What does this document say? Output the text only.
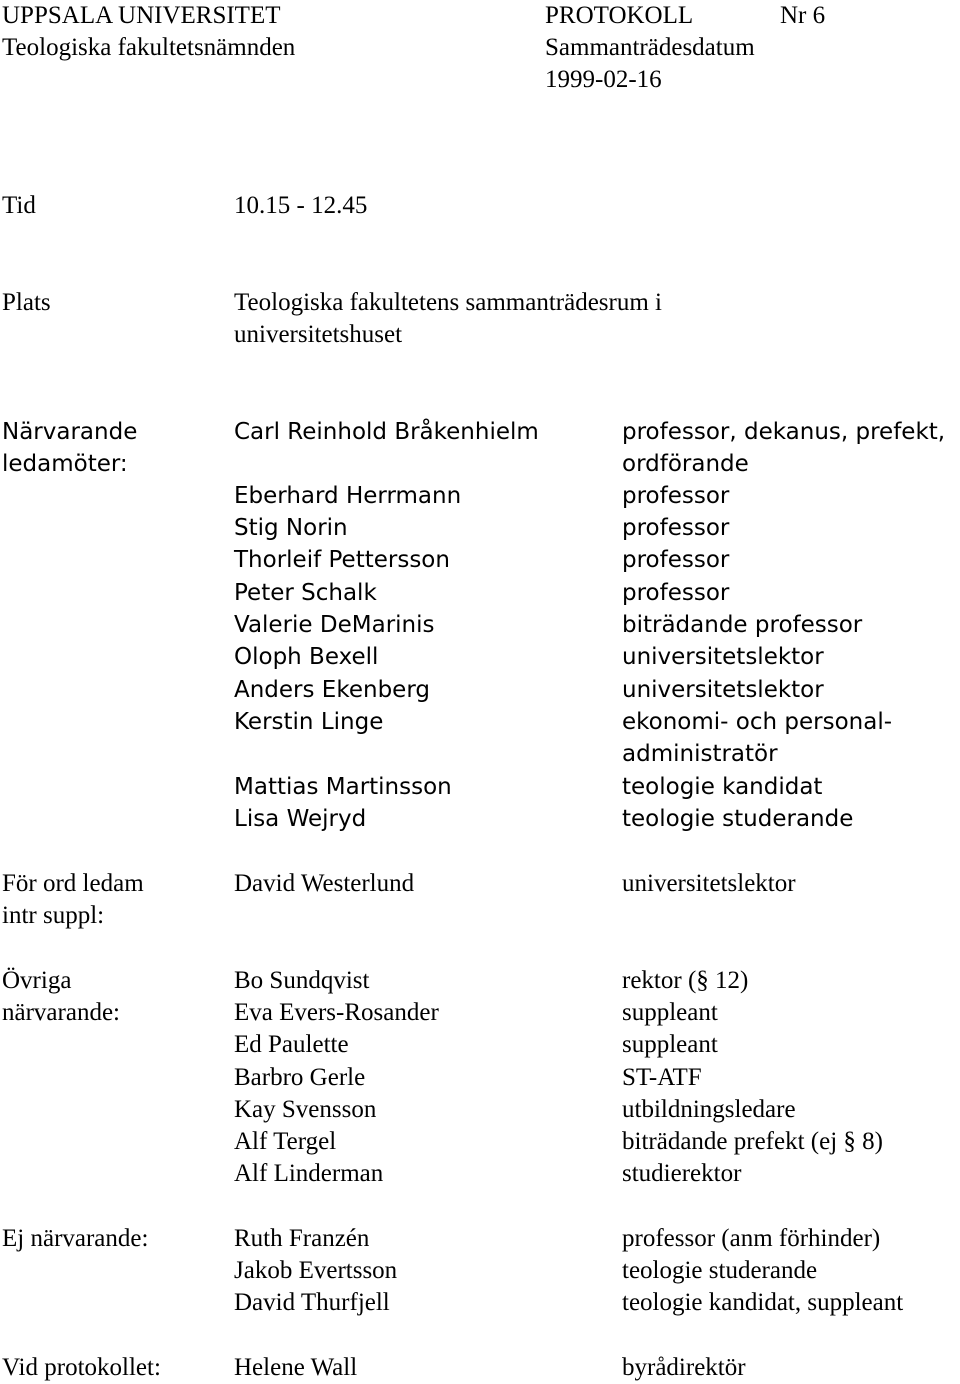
UPPSALA UNIVERSITET
Teologiska fakultetsnämnden
PROTOKOLL	Nr 6
Sammanträdesdatum
1999-02-16
Tid	10.15 - 12.45
Plats	Teologiska fakultetens sammanträdesrum i
universitetshuset
Närvarande
ledamöter:
Carl Reinhold Bråkenhielm	professor, dekanus, prefekt,
ordförande
Eberhard Herrmann	professor
Stig Norin	professor
Thorleif Pettersson	professor
Peter Schalk	professor
Valerie DeMarinis	biträdande professor
Oloph Bexell	universitetslektor
Anders Ekenberg	universitetslektor
Kerstin Linge	ekonomi- och personal-
administratör
Mattias Martinsson	teologie kandidat
Lisa Wejryd	teologie studerande
För ord ledam
intr suppl:
David Westerlund	universitetslektor
Övriga
närvarande:
Bo Sundqvist	rektor (§ 12)
Eva Evers-Rosander	suppleant
Ed Paulette	suppleant
Barbro Gerle	ST-ATF
Kay Svensson	utbildningsledare
Alf Tergel	biträdande prefekt (ej § 8)
Alf Linderman	studierektor
Ej närvarande:	Ruth Franzén	professor (anm förhinder)
Jakob Evertsson	teologie studerande
David Thurfjell	teologie kandidat, suppleant
Vid protokollet:	Helene Wall	byrådirektör
